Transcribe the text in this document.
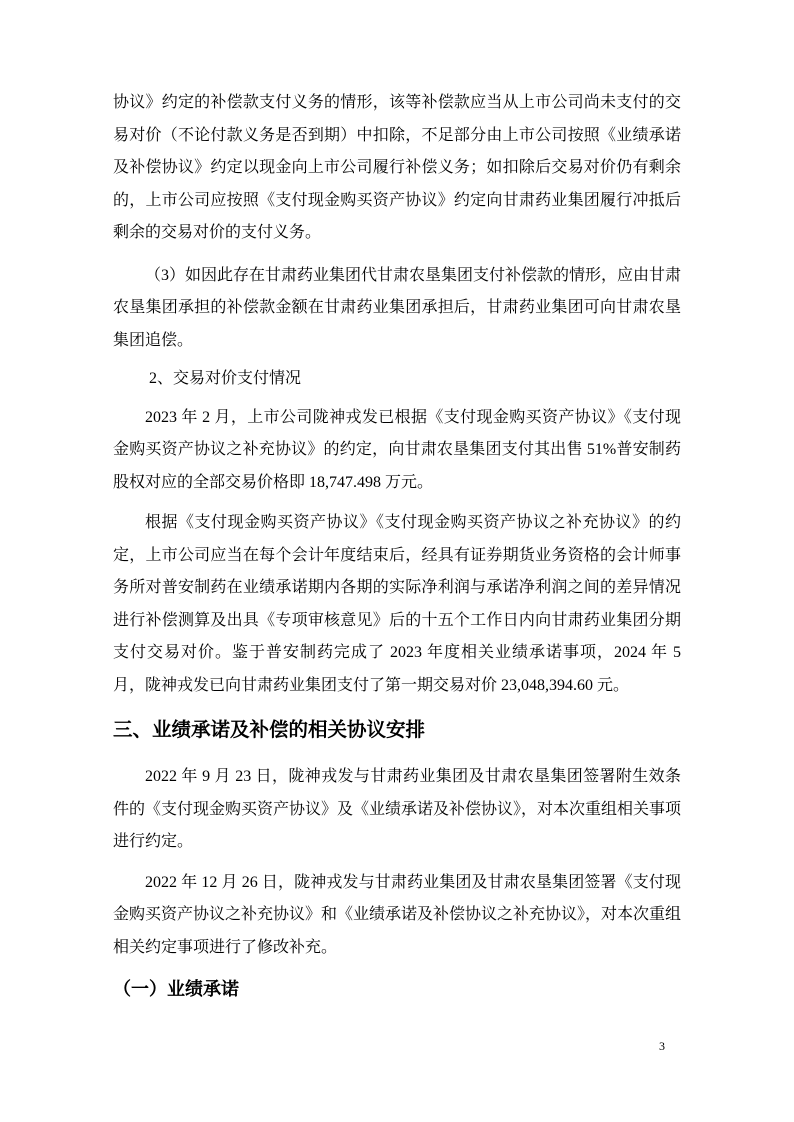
协议》约定的补偿款支付义务的情形，该等补偿款应当从上市公司尚未支付的交易对价（不论付款义务是否到期）中扣除，不足部分由上市公司按照《业绩承诺及补偿协议》约定以现金向上市公司履行补偿义务；如扣除后交易对价仍有剩余的，上市公司应按照《支付现金购买资产协议》约定向甘肃药业集团履行冲抵后剩余的交易对价的支付义务。

（3）如因此存在甘肃药业集团代甘肃农垦集团支付补偿款的情形，应由甘肃农垦集团承担的补偿款金额在甘肃药业集团承担后，甘肃药业集团可向甘肃农垦集团追偿。

2、交易对价支付情况

2023 年 2 月，上市公司陇神戎发已根据《支付现金购买资产协议》《支付现金购买资产协议之补充协议》的约定，向甘肃农垦集团支付其出售 51%普安制药股权对应的全部交易价格即 18,747.498 万元。

根据《支付现金购买资产协议》《支付现金购买资产协议之补充协议》的约定，上市公司应当在每个会计年度结束后，经具有证券期货业务资格的会计师事务所对普安制药在业绩承诺期内各期的实际净利润与承诺净利润之间的差异情况进行补偿测算及出具《专项审核意见》后的十五个工作日内向甘肃药业集团分期支付交易对价。鉴于普安制药完成了 2023 年度相关业绩承诺事项，2024 年 5 月，陇神戎发已向甘肃药业集团支付了第一期交易对价 23,048,394.60 元。

三、业绩承诺及补偿的相关协议安排

2022 年 9 月 23 日，陇神戎发与甘肃药业集团及甘肃农垦集团签署附生效条件的《支付现金购买资产协议》及《业绩承诺及补偿协议》，对本次重组相关事项进行约定。

2022 年 12 月 26 日，陇神戎发与甘肃药业集团及甘肃农垦集团签署《支付现金购买资产协议之补充协议》和《业绩承诺及补偿协议之补充协议》，对本次重组相关约定事项进行了修改补充。

（一）业绩承诺
3
